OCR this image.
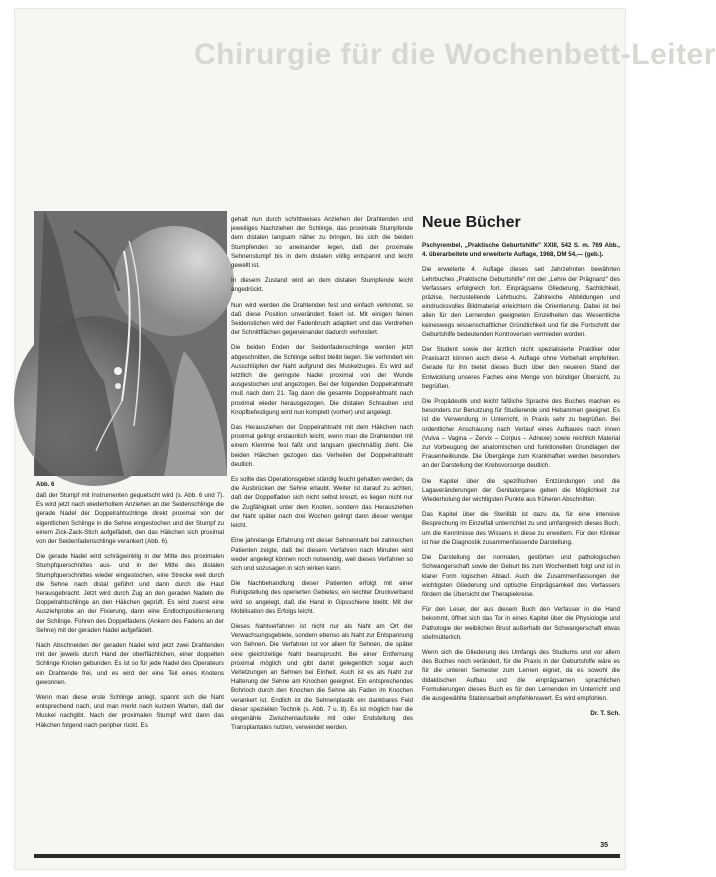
Chirurgie für die Wochenbett-Leiter
Abb. 6

daß der Stumpf mit Instrumenten gequetscht wird (s. Abb. 6 und 7). Es wird jetzt nach wiederholtem Anziehen an der Seidenschlinge die gerade Nadel der Doppelrahtschlinge direkt proximal von der eigentlichen Schlinge in die Sehne eingestochen und der Stumpf zu einem Zick-Zack-Stich aufgefädelt, den das Häkchen sich proximal von der Seidenfadenschlinge verankert (Abb. 6).

Die gerade Nadel wird schrägwinklig in der Mitte des proximalen Stumpfquerschnittes aus- und in der Mitte des distalen Stumpfquerschnittes wieder eingestochen, eine Strecke weit durch die Sehne nach distal geführt und dann durch die Haut herausgebracht. Jetzt wird durch Zug an den geraden Nadeln die Doppelrahtschlinge an den Häkchen geprüft. Es wird zuerst eine Ausziehprobe an der Fixierung, dann eine Endlochpositionierung der Schlinge. Führen des Doppelfadens (Ankern des Fadens an der Sehne) mit der geraden Nadel aufgefädelt.

Nach Abschneiden der geraden Nadel wird jetzt zwei Drahtenden mit der jeweils durch Hand der oberflächlichen, einer doppelten Schlinge Knoten gebunden. Es ist so für jede Nadel des Operateurs ein Drahtende frei, und es wird der eine Teil eines Knotens gewonnen.

Wenn man diese erste Schlinge anlegt, spannt sich die Naht entsprechend nach, und man merkt nach kurzem Warten, daß der Muskel nachgibt. Nach der proximalen Stumpf wird dann das Häkchen folgend nach peripher rückt. Es

gehalt nun durch schrittweises Anziehen der Drahtenden und jeweiliges Nachziehen der Schlinge, das proximale Stumpfende dem distalen langsam näher zu bringen, bis sich die beiden Stumpfenden so aneinander legen, daß der proximale Sehnenstumpf bis in dem distalen völlig entspannt und leicht gewellt ist.

In diesem Zustand wird an dem distalen Stumpfende leicht angedrückt.

Nun wird werden die Drahtenden fest und einfach verknotet, so daß diese Position unverändert fixiert ist. Mit einigen feinen Seidenstichen wird der Fadenbruch adaptiert und das Verdrehen der Schnittflächen gegeneinander dadurch verhindert.

Die beiden Enden der Seidenfadenschlinge werden jetzt abgeschnitten, die Schlinge selbst bleibt liegen. Sie verhindert ein Ausschlüpfen der Naht aufgrund des Muskelzuges. Es wird auf letztlich die geringste Nadel proximal von der Wunde ausgestochen und angezogen. Bei der folgenden Doppelrahtnaht muß nach dem 21. Tag dann die gesamte Doppelrahtnaht nach proximal wieder herausgezogen. Die distalen Schrauben und Knopfbefestigung wird nun komplett (vorher) und angelegt.

Das Herausziehen der Doppelrahtnaht mit dem Häkchen nach proximal gelingt erstaunlich leicht, wenn man die Drahtenden mit einem Klemme fest faßt und langsam gleichmäßig zieht. Die beiden Häkchen gezogen das Verheilen der Doppelrahtnaht deutlich.

Es sollte das Operationsgebiet ständig feucht gehalten werden, da die Ausbrücken der Sehne erlaubt. Weiter ist darauf zu achten, daß der Doppelfaden sich nicht selbst kreuzt, es liegen nicht nur die Zugfähigkeit unter dem Knoten, sondern das Herausziehen der Naht später nach drei Wochen gelingt dann dieser weniger leicht.

Eine jahrelange Erfahrung mit dieser Sehnennaht bei zahlreichen Patienten zeigte, daß bei diesem Verfahren nach Minuten wird weder angelegt können noch notwendig, weil dieses Verfahren so sich und sozusagen in sich wirken kann.

Die Nachbehandlung dieser Patienten erfolgt mit einer Ruhigstellung des operierten Gebietes; ein leichter Druckverband wird so angelegt, daß die Hand in Gipsschiene bleibt. Mit der Mobilisation des Erfolgs leicht.

Dieses Nahtverfahren ist nicht nur als Naht am Ort der Verwachsungsgebiete, sondern ebenso als Naht zur Entspannung von Sehnen. Die Verfahren ist vor allem für Sehnen, die später eine gleichzeitige Naht beansprucht. Bei einer Entfernung proximal möglich und gibt damit gelegentlich sogar auch Verletzungen an Sehnen bei Einheit. Auch ist es als Naht zur Halterung der Sehne am Knochen geeignet. Ein entsprechendes Bohrloch durch den Knochen die Sehne als Faden im Knochen verankert ist. Endlich ist die Sehnenplastik ein dankbares Feld dieser speziellen Technik (s. Abb. 7 u. 8). Es ist möglich hier die eingenähte Zwischenlaufstelle mit oder Endstellung des Transplantates nutzen, verwendet werden.

Neue Bücher
Pschyrembel, „Praktische Geburtshilfe" XXIII, 542 S. m. 769 Abb., 4. überarbeitete und erweiterte Auflage, 1968, DM 54,— (geb.).

Die erweiterte 4. Auflage dieses seit Jahrzehnten bewährten Lehrbuches „Praktische Geburtshilfe" mit der „Lehre der Prägnanz" des Verfassers erfolgreich fort. Einprägsame Gliederung, Sachlichkeit, präzise, herzustellende Lehrbuchs. Zahlreiche Abbildungen und eindrucksvolles Bildmaterial erleichtern die Orientierung. Dabei ist bei allen für den Lernenden geeigneten Einzelheiten das Wesentliche keineswegs wissenschaftlicher Gründlichkeit und für die Fortschritt der Geburtshilfe bedeutenden Kontroversen vermieden worden.

Der Student sowie der ärztlich nicht spezialisierte Praktiker oder Praxisarzt können auch diese 4. Auflage ohne Vorbehalt empfehlen. Gerade für ihn bietet dieses Buch über den neueren Stand der Entwicklung unseres Faches eine Menge von bündiger Übersicht, zu begrüßen.

Die Propädeutik und leicht faßliche Sprache des Buches machen es besonders zur Benutzung für Studierende und Hebammen geeignet. Es ist die Verwendung in Unterricht, in Praxis sehr zu begrüßen. Bei ordentlicher Anschauung nach Verlauf eines Aufbaues nach innen (Vulva – Vagina – Zervix – Corpus – Adnexe) sowie reichlich Material zur Vorbeugung der anatomischen und funktionellen Grundlagen der Frauenheilkunde. Die Übergänge zum Krankhaften werden besonders an der Darstellung der Krebsvorsorge deutlich.

Die Kapitel über die spezifischen Entzündungen und die Lagaveränderungen der Genitalorgane geben die Möglichkeit zur Wiederholung der wichtigsten Punkte aus früheren Abschnitten.

Das Kapitel über die Sterilität ist dazu da, für eine intensive Besprechung im Einzelfall unterrichtet zu und umfangreich dieses Buch, um die Kenntnisse des Wissens in diese zu erweitern. Für den Kliniker ist hier die Diagnostik zusammenfassende Darstellung.

Die Darstellung der normalen, gestörten und pathologischen Schwangerschaft sowie der Geburt bis zum Wochenbett folgt und ist in klarer Form logischen Ablauf. Auch die Zusammenfassungen der wichtigsten Gliederung und optische Einprägsamkeit des Verfassers fördern die Übersicht der Therapiekreise.

Für den Leser, der aus diesem Buch den Verfasser in die Hand bekommt, öffnet sich das Tor in eines Kapitel über die Physiologie und Pathologie der weiblichen Brust außerhalb der Schwangerschaft etwas stiefmütterlich.

Wenn sich die Gliederung des Umfangs des Studiums und vor allem des Buches noch verändert, für die Praxis in der Geburtshilfe wäre es für die unteren Semester zum Lernen eignet, da es sowohl die didaktischen Aufbau und die einprägsamen sprachlichen Formulierungen dieses Buch es für den Lernenden im Unterricht und die ausgewählte Stationsarbeit empfehlenswert. Es wird empfohlen.

Dr. T. Sch.
35
